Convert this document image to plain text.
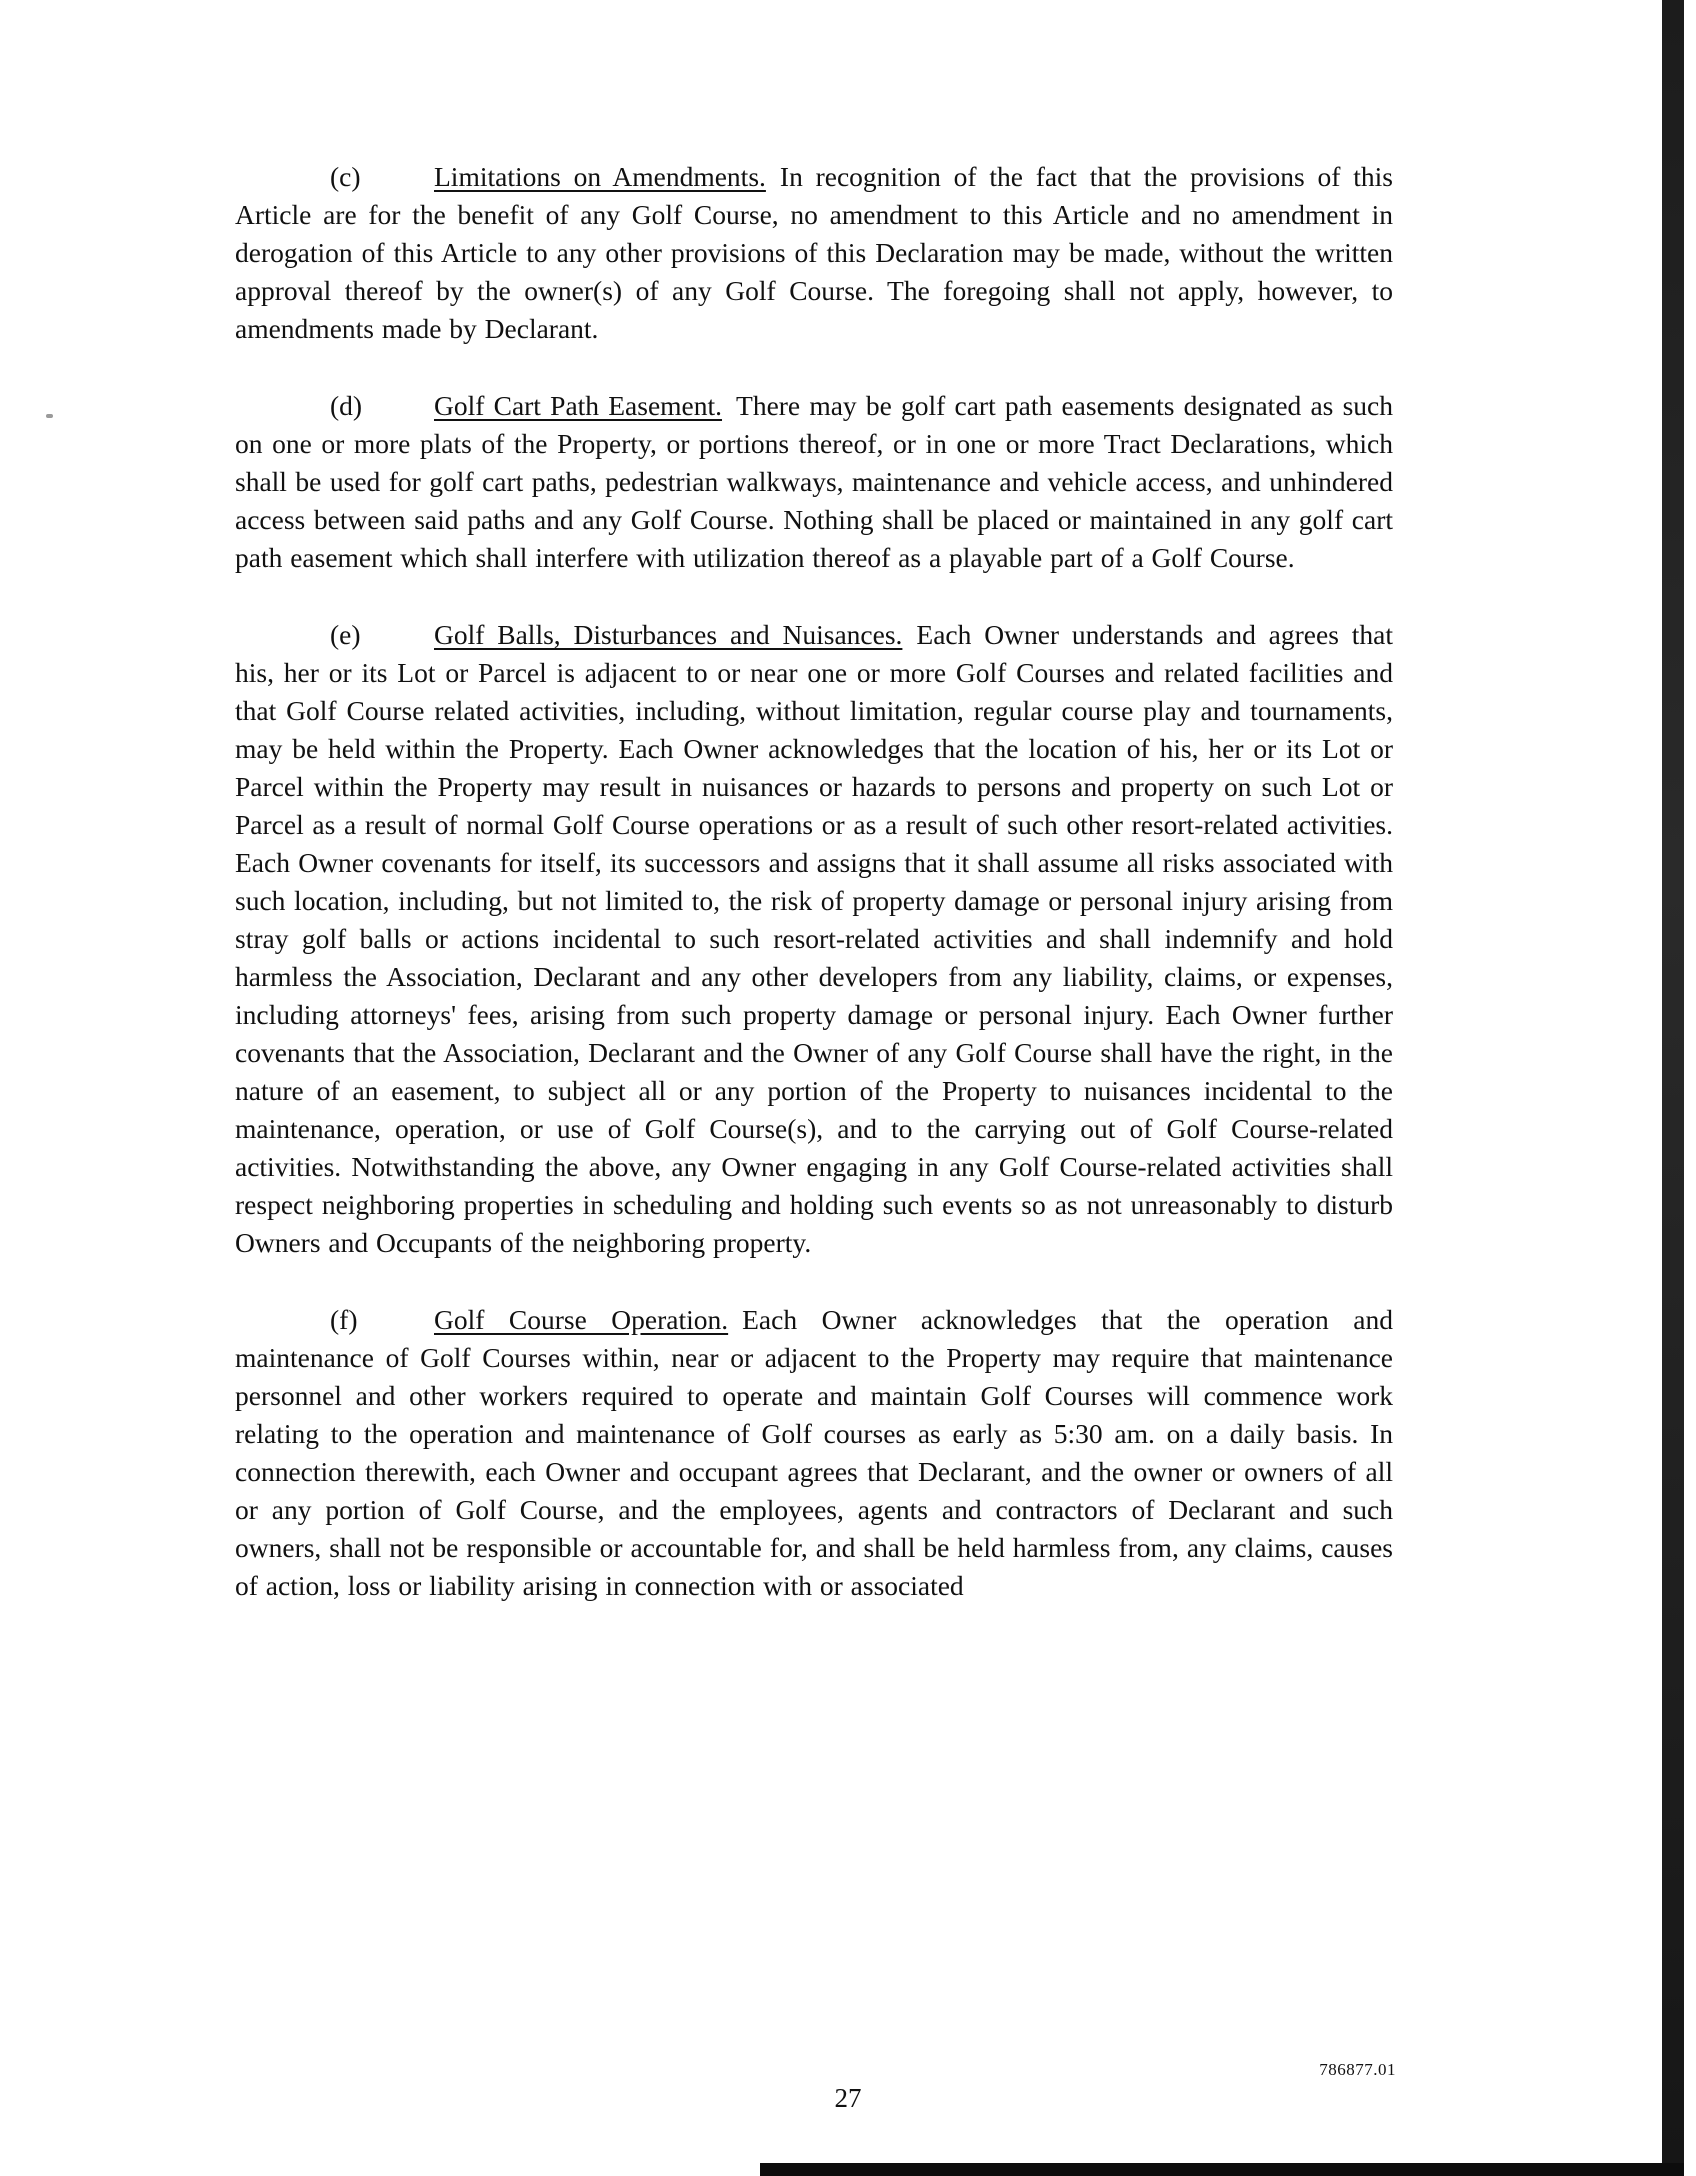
(c)	Limitations on Amendments. In recognition of the fact that the provisions of this Article are for the benefit of any Golf Course, no amendment to this Article and no amendment in derogation of this Article to any other provisions of this Declaration may be made, without the written approval thereof by the owner(s) of any Golf Course. The foregoing shall not apply, however, to amendments made by Declarant.

(d)	Golf Cart Path Easement. There may be golf cart path easements designated as such on one or more plats of the Property, or portions thereof, or in one or more Tract Declarations, which shall be used for golf cart paths, pedestrian walkways, maintenance and vehicle access, and unhindered access between said paths and any Golf Course. Nothing shall be placed or maintained in any golf cart path easement which shall interfere with utilization thereof as a playable part of a Golf Course.

(e)	Golf Balls, Disturbances and Nuisances. Each Owner understands and agrees that his, her or its Lot or Parcel is adjacent to or near one or more Golf Courses and related facilities and that Golf Course related activities, including, without limitation, regular course play and tournaments, may be held within the Property. Each Owner acknowledges that the location of his, her or its Lot or Parcel within the Property may result in nuisances or hazards to persons and property on such Lot or Parcel as a result of normal Golf Course operations or as a result of such other resort-related activities. Each Owner covenants for itself, its successors and assigns that it shall assume all risks associated with such location, including, but not limited to, the risk of property damage or personal injury arising from stray golf balls or actions incidental to such resort-related activities and shall indemnify and hold harmless the Association, Declarant and any other developers from any liability, claims, or expenses, including attorneys' fees, arising from such property damage or personal injury. Each Owner further covenants that the Association, Declarant and the Owner of any Golf Course shall have the right, in the nature of an easement, to subject all or any portion of the Property to nuisances incidental to the maintenance, operation, or use of Golf Course(s), and to the carrying out of Golf Course-related activities. Notwithstanding the above, any Owner engaging in any Golf Course-related activities shall respect neighboring properties in scheduling and holding such events so as not unreasonably to disturb Owners and Occupants of the neighboring property.

(f)	Golf Course Operation. Each Owner acknowledges that the operation and maintenance of Golf Courses within, near or adjacent to the Property may require that maintenance personnel and other workers required to operate and maintain Golf Courses will commence work relating to the operation and maintenance of Golf courses as early as 5:30 am. on a daily basis. In connection therewith, each Owner and occupant agrees that Declarant, and the owner or owners of all or any portion of Golf Course, and the employees, agents and contractors of Declarant and such owners, shall not be responsible or accountable for, and shall be held harmless from, any claims, causes of action, loss or liability arising in connection with or associated

786877.01
27
